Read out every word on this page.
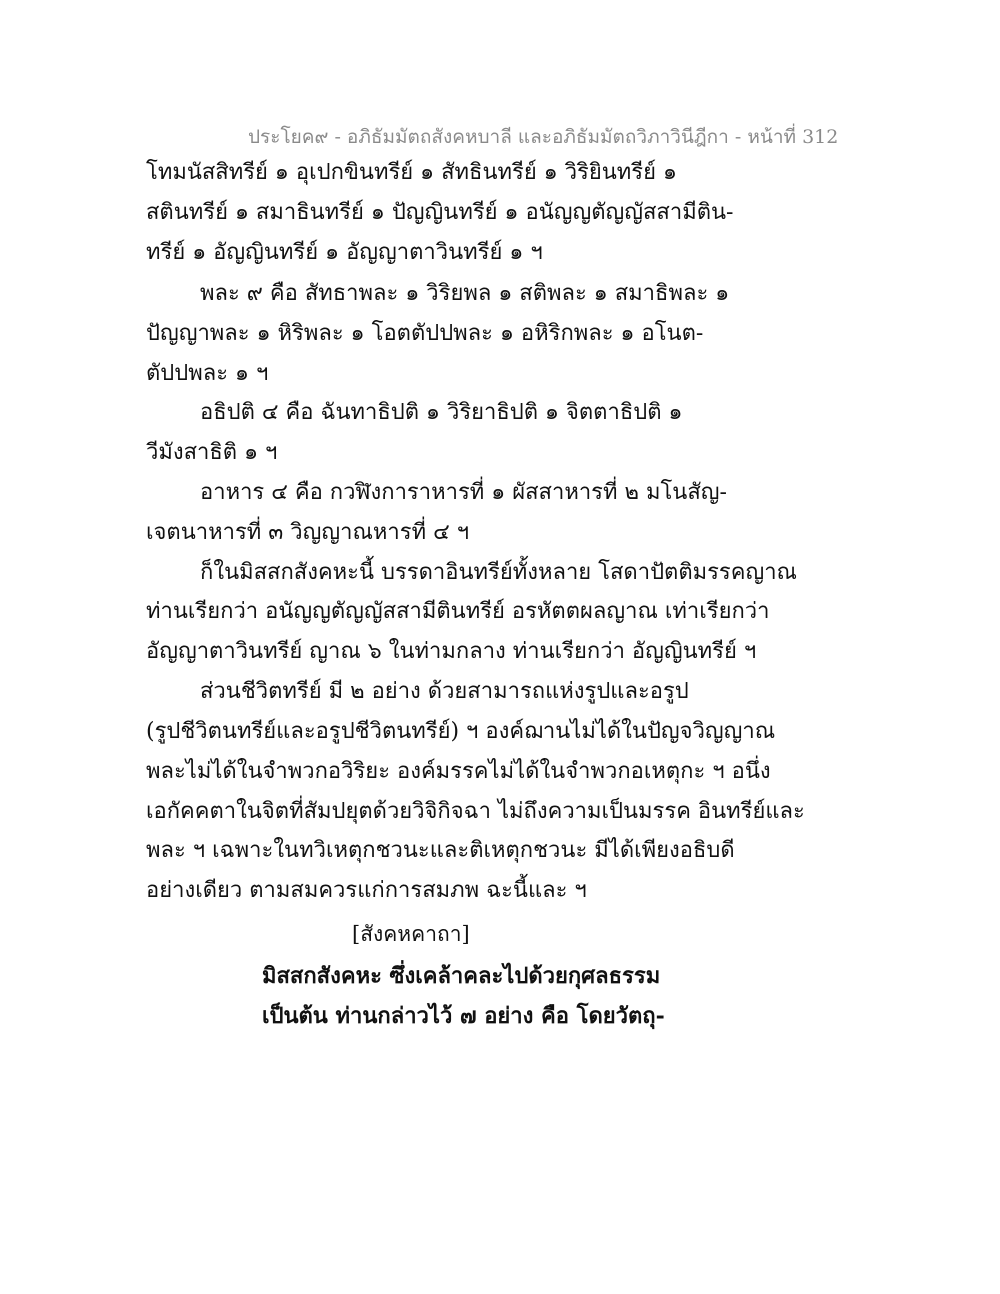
ประโยค๙ - อภิธัมมัตถสังคหบาลี และอภิธัมมัตถวิภาวินีฎีกา - หน้าที่ 312
โทมนัสสิทรีย์ ๑ อุเปกขินทรีย์ ๑ สัทธินทรีย์ ๑ วิริยินทรีย์ ๑
สตินทรีย์ ๑ สมาธินทรีย์ ๑ ปัญญินทรีย์ ๑ อนัญญตัญญัสสามีติน-
ทรีย์ ๑ อัญญินทรีย์ ๑ อัญญาตาวินทรีย์ ๑ ฯ
พละ ๙ คือ สัทธาพละ ๑ วิริยพล ๑ สติพละ ๑ สมาธิพละ ๑
ปัญญาพละ ๑ หิริพละ ๑ โอตตัปปพละ ๑ อหิริกพละ ๑ อโนต-
ตัปปพละ ๑ ฯ
อธิปติ ๔ คือ ฉันทาธิปติ ๑ วิริยาธิปติ ๑ จิตตาธิปติ ๑
วีมังสาธิติ ๑ ฯ
อาหาร ๔ คือ กวฬิงการาหารที่ ๑ ผัสสาหารที่ ๒ มโนสัญ-
เจตนาหารที่ ๓ วิญญาณหารที่ ๔ ฯ
ก็ในมิสสกสังคหะนี้ บรรดาอินทรีย์ทั้งหลาย โสดาปัตติมรรคญาณ
ท่านเรียกว่า อนัญญตัญญัสสามีตินทรีย์ อรหัตตผลญาณ เท่าเรียกว่า
อัญญาตาวินทรีย์ ญาณ ๖ ในท่ามกลาง ท่านเรียกว่า อัญญินทรีย์ ฯ
ส่วนชีวิตทรีย์ มี ๒ อย่าง ด้วยสามารถแห่งรูปและอรูป
(รูปชีวิตนทรีย์และอรูปชีวิตนทรีย์) ฯ องค์ฌานไม่ได้ในปัญจวิญญาณ
พละไม่ได้ในจำพวกอวิริยะ องค์มรรคไม่ได้ในจำพวกอเหตุกะ ฯ อนึ่ง
เอกัคคตาในจิตที่สัมปยุตด้วยวิจิกิจฉา ไม่ถึงความเป็นมรรค อินทรีย์และ
พละ ฯ เฉพาะในทวิเหตุกชวนะและติเหตุกชวนะ มีได้เพียงอธิบดี
อย่างเดียว ตามสมควรแก่การสมภพ ฉะนี้และ ฯ
[สังคหคาถา]
มิสสกสังคหะ ซึ่งเคล้าคละไปด้วยกุศลธรรม
เป็นต้น ท่านกล่าวไว้ ๗ อย่าง คือ โดยวัตถุ-
